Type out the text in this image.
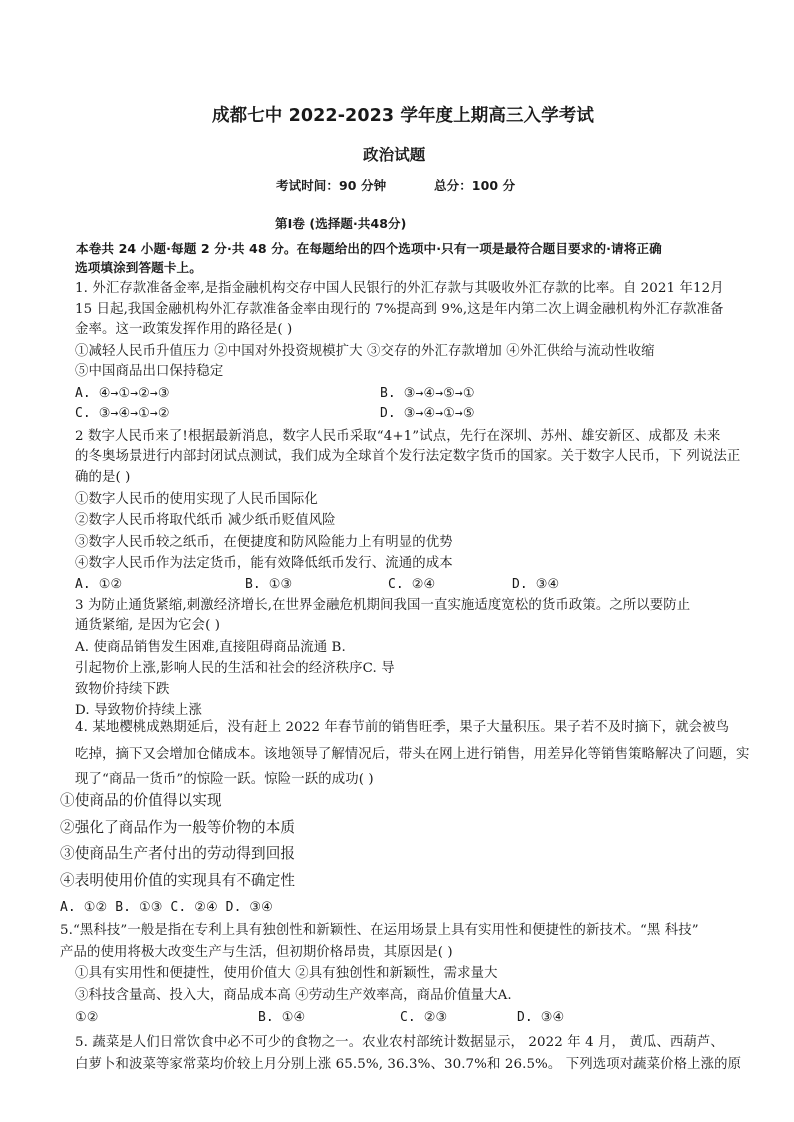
成都七中 2022-2023 学年度上期高三入学考试
政治试题
考试时间：90 分钟	总分：100 分
第Ⅰ卷 (选择题·共48分)
本卷共 24 小题·每题 2 分·共 48 分。在每题给出的四个选项中·只有一项是最符合题目要求的·请将正确
选项填涂到答题卡上。
1. 外汇存款准备金率,是指金融机构交存中国人民银行的外汇存款与其吸收外汇存款的比率。自 2021 年12月
15 日起,我国金融机构外汇存款准备金率由现行的 7%提高到 9%,这是年内第二次上调金融机构外汇存款准备
金率。这一政策发挥作用的路径是( )
①减轻人民币升值压力 ②中国对外投资规模扩大 ③交存的外汇存款增加 ④外汇供给与流动性收缩
⑤中国商品出口保持稳定
A. ④→①→②→③	B. ③→④→⑤→①
C. ③→④→①→②	D. ③→④→①→⑤
2 数字人民币来了!根据最新消息，数字人民币采取“4+1”试点，先行在深圳、苏州、雄安新区、成都及 未来
的冬奥场景进行内部封闭试点测试，我们成为全球首个发行法定数字货币的国家。关于数字人民币，下 列说法正
确的是( )
①数字人民币的使用实现了人民币国际化
②数字人民币将取代纸币 减少纸币贬值风险
③数字人民币较之纸币，在便捷度和防风险能力上有明显的优势
④数字人民币作为法定货币，能有效降低纸币发行、流通的成本
A. ①②	B. ①③	C. ②④	D. ③④
3 为防止通货紧缩,刺激经济增长,在世界金融危机期间我国一直实施适度宽松的货币政策。之所以要防止
通货紧缩, 是因为它会( )
A. 使商品销售发生困难,直接阻碍商品流通 B.
引起物价上涨,影响人民的生活和社会的经济秩序C. 导
致物价持续下跌
D. 导致物价持续上涨
4. 某地樱桃成熟期延后，没有赶上 2022 年春节前的销售旺季，果子大量积压。果子若不及时摘下，就会被鸟
吃掉，摘下又会增加仓储成本。该地领导了解情况后，带头在网上进行销售，用差异化等销售策略解决了问题，实
现了“商品一货币”的惊险一跃。惊险一跃的成功( )
①使商品的价值得以实现
②强化了商品作为一般等价物的本质
③使商品生产者付出的劳动得到回报
④表明使用价值的实现具有不确定性
A. ①② B. ①③ C. ②④ D. ③④
5.“黑科技”一般是指在专利上具有独创性和新颖性、在运用场景上具有实用性和便捷性的新技术。“黑 科技”
产品的使用将极大改变生产与生活，但初期价格昂贵，其原因是( )
①具有实用性和便捷性，使用价值大 ②具有独创性和新颖性，需求量大
③科技含量高、投入大，商品成本高 ④劳动生产效率高，商品价值量大A.
①②	B. ①④	C. ②③	D. ③④
5. 蔬菜是人们日常饮食中必不可少的食物之一。农业农村部统计数据显示， 2022 年 4 月， 黄瓜、西葫芦、
白萝卜和波菜等家常菜均价较上月分别上涨 65.5%, 36.3%、30.7%和 26.5%。 下列选项对蔬菜价格上涨的原
